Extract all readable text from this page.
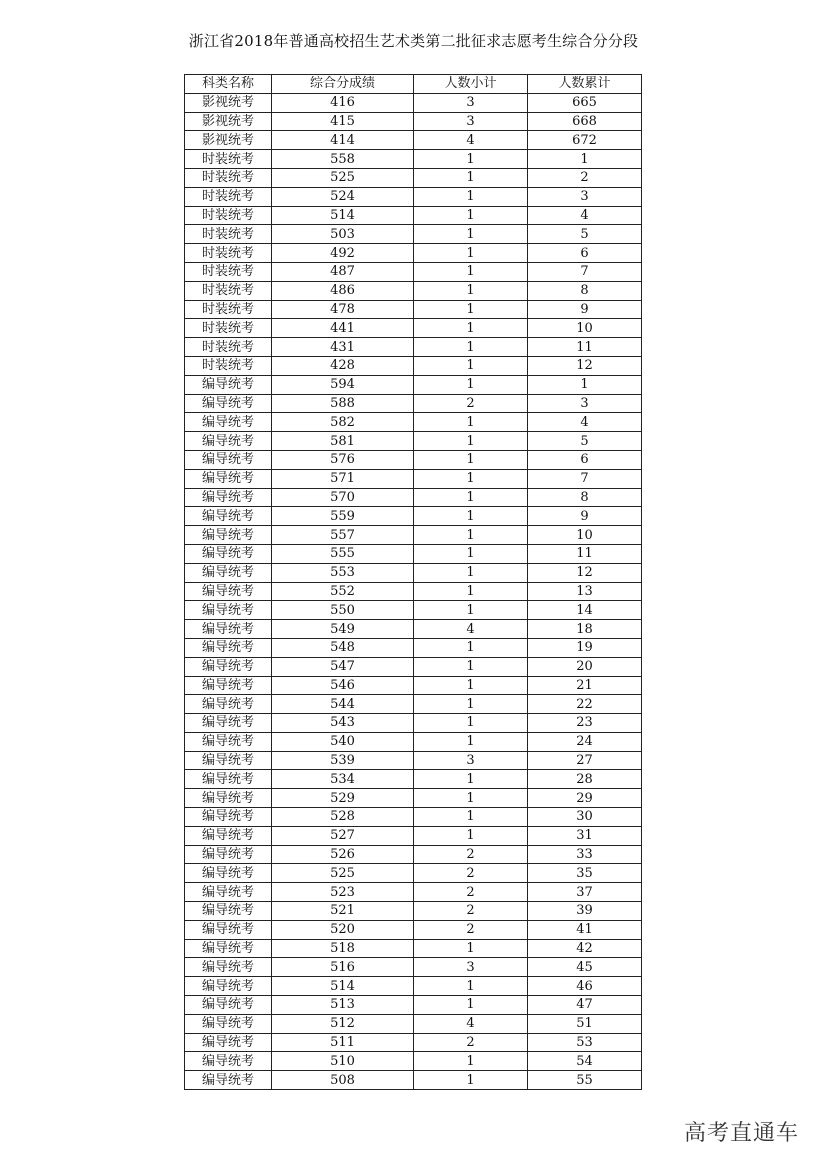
浙江省2018年普通高校招生艺术类第二批征求志愿考生综合分分段
科类名称	综合分成绩	人数小计	人数累计
影视统考	416	3	665
影视统考	415	3	668
影视统考	414	4	672
时装统考	558	1	1
时装统考	525	1	2
时装统考	524	1	3
时装统考	514	1	4
时装统考	503	1	5
时装统考	492	1	6
时装统考	487	1	7
时装统考	486	1	8
时装统考	478	1	9
时装统考	441	1	10
时装统考	431	1	11
时装统考	428	1	12
编导统考	594	1	1
编导统考	588	2	3
编导统考	582	1	4
编导统考	581	1	5
编导统考	576	1	6
编导统考	571	1	7
编导统考	570	1	8
编导统考	559	1	9
编导统考	557	1	10
编导统考	555	1	11
编导统考	553	1	12
编导统考	552	1	13
编导统考	550	1	14
编导统考	549	4	18
编导统考	548	1	19
编导统考	547	1	20
编导统考	546	1	21
编导统考	544	1	22
编导统考	543	1	23
编导统考	540	1	24
编导统考	539	3	27
编导统考	534	1	28
编导统考	529	1	29
编导统考	528	1	30
编导统考	527	1	31
编导统考	526	2	33
编导统考	525	2	35
编导统考	523	2	37
编导统考	521	2	39
编导统考	520	2	41
编导统考	518	1	42
编导统考	516	3	45
编导统考	514	1	46
编导统考	513	1	47
编导统考	512	4	51
编导统考	511	2	53
编导统考	510	1	54
编导统考	508	1	55
高考直通车
